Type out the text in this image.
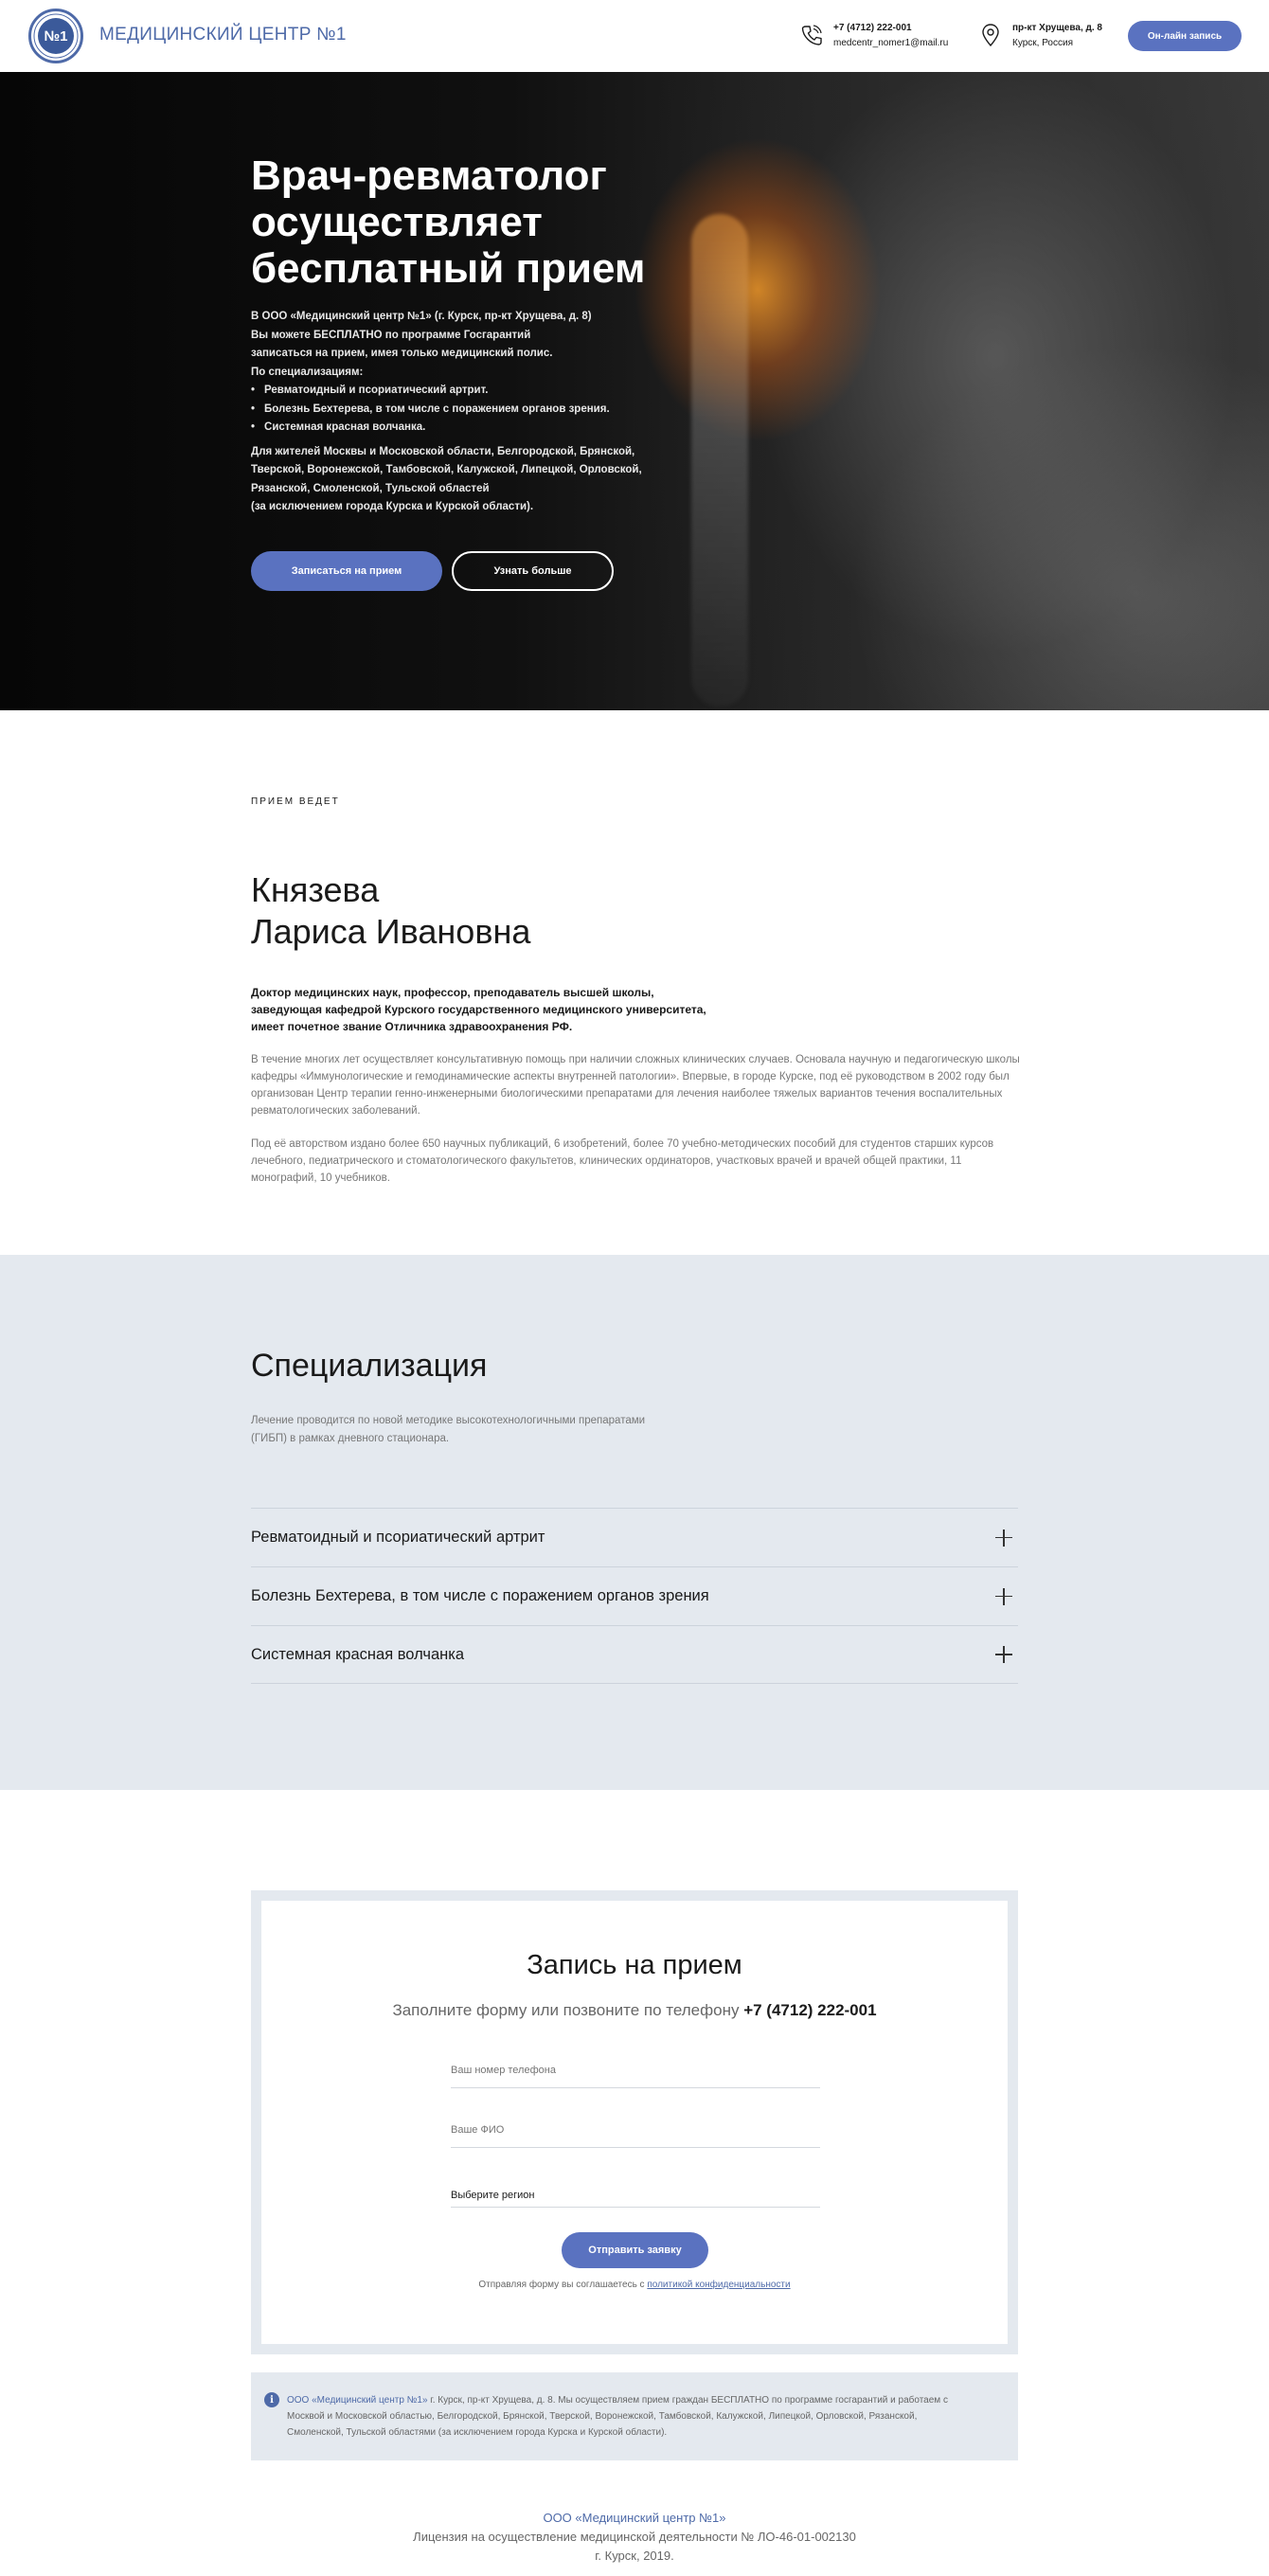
№1	МЕДИЦИНСКИЙ ЦЕНТР №1	+7 (4712) 222-001
medcentr_nomer1@mail.ru
пр-кт Хрущева, д. 8
Курск, Россия
Он-лайн запись
Врач-ревматолог осуществляет бесплатный прием
В ООО «Медицинский центр №1» (г. Курск, пр-кт Хрущева, д. 8)
Вы можете БЕСПЛАТНО по программе Госгарантий
записаться на прием, имея только медицинский полис.
По специализациям:
• Ревматоидный и псориатический артрит.
• Болезнь Бехтерева, в том числе с поражением органов зрения.
• Системная красная волчанка.
Для жителей Москвы и Московской области, Белгородской, Брянской,
Тверской, Воронежской, Тамбовской, Калужской, Липецкой, Орловской,
Рязанской, Смоленской, Тульской областей
(за исключением города Курска и Курской области).
Записаться на прием	Узнать больше
ПРИЕМ ВЕДЕТ
Князева
Лариса Ивановна
Доктор медицинских наук, профессор, преподаватель высшей школы,
заведующая кафедрой Курского государственного медицинского университета,
имеет почетное звание Отличника здравоохранения РФ.
В течение многих лет осуществляет консультативную помощь при наличии сложных клинических случаев. Основала научную и педагогическую школы кафедры «Иммунологические и гемодинамические аспекты внутренней патологии». Впервые, в городе Курске, под её руководством в 2002 году был организован Центр терапии генно-инженерными биологическими препаратами для лечения наиболее тяжелых вариантов течения воспалительных ревматологических заболеваний.
Под её авторством издано более 650 научных публикаций, 6 изобретений, более 70 учебно-методических пособий для студентов старших курсов лечебного, педиатрического и стоматологического факультетов, клинических ординаторов, участковых врачей и врачей общей практики, 11 монографий, 10 учебников.
Специализация
Лечение проводится по новой методике высокотехнологичными препаратами (ГИБП) в рамках дневного стационара.
Ревматоидный и псориатический артрит
Болезнь Бехтерева, в том числе с поражением органов зрения
Системная красная волчанка
Запись на прием
Заполните форму или позвоните по телефону +7 (4712) 222-001
Ваш номер телефона
Ваше ФИО
Выберите регион
Отправить заявку
Отправляя форму вы соглашаетесь с политикой конфиденциальности
i	ООО «Медицинский центр №1» г. Курск, пр-кт Хрущева, д. 8. Мы осуществляем прием граждан БЕСПЛАТНО по программе госгарантий и работаем с Москвой и Московской областью, Белгородской, Брянской, Тверской, Воронежской, Тамбовской, Калужской, Липецкой, Орловской, Рязанской, Смоленской, Тульской областями (за исключением города Курска и Курской области).
ООО «Медицинский центр №1»
Лицензия на осуществление медицинской деятельности № ЛО-46-01-002130
г. Курск, 2019.
